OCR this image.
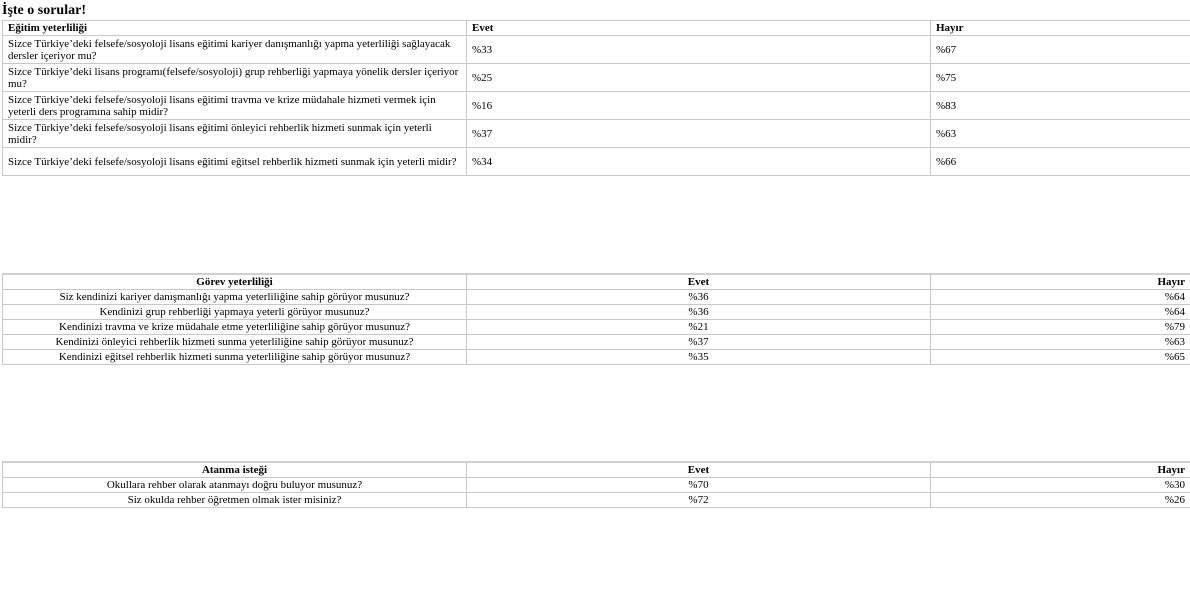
İşte o sorular!
Eğitim yeterliliği	Evet	Hayır
Sizce Türkiye’deki felsefe/sosyoloji lisans eğitimi kariyer danışmanlığı yapma yeterliliği sağlayacak dersler içeriyor mu?	%33	%67
Sizce Türkiye’deki lisans programı(felsefe/sosyoloji) grup rehberliği yapmaya yönelik dersler içeriyor mu?	%25	%75
Sizce Türkiye’deki felsefe/sosyoloji lisans eğitimi travma ve krize müdahale hizmeti vermek için yeterli ders programına sahip midir?	%16	%83
Sizce Türkiye’deki felsefe/sosyoloji lisans eğitimi önleyici rehberlik hizmeti sunmak için yeterli midir?	%37	%63
Sizce Türkiye’deki felsefe/sosyoloji lisans eğitimi eğitsel rehberlik hizmeti sunmak için yeterli midir?	%34	%66
Görev yeterliliği	Evet	Hayır
Siz kendinizi kariyer danışmanlığı yapma yeterliliğine sahip görüyor musunuz?	%36	%64
Kendinizi grup rehberliği yapmaya yeterli görüyor musunuz?	%36	%64
Kendinizi travma ve krize müdahale etme yeterliliğine sahip görüyor musunuz?	%21	%79
Kendinizi önleyici rehberlik hizmeti sunma yeterliliğine sahip görüyor musunuz?	%37	%63
Kendinizi eğitsel rehberlik hizmeti sunma yeterliliğine sahip görüyor musunuz?	%35	%65
Atanma isteği	Evet	Hayır
Okullara rehber olarak atanmayı doğru buluyor musunuz?	%70	%30
Siz okulda rehber öğretmen olmak ister misiniz?	%72	%26
